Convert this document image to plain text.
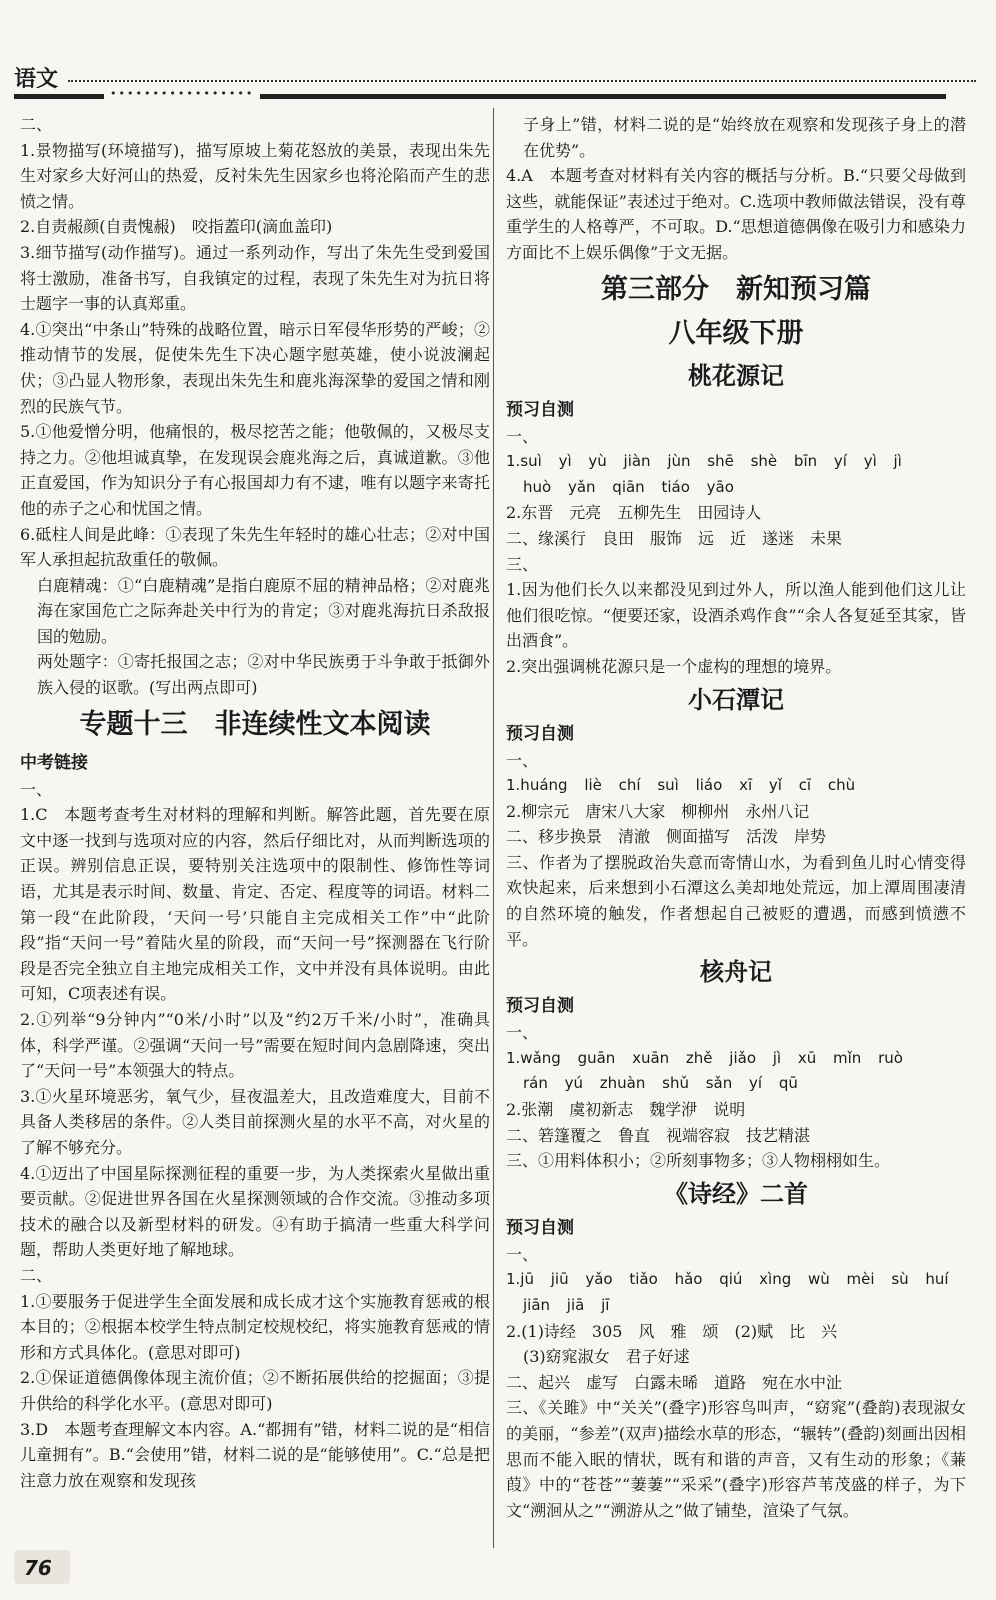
语文
•••••••••••••••••

二、

1.景物描写(环境描写)，描写原坡上菊花怒放的美景，表现出朱先生对家乡大好河山的热爱，反衬朱先生因家乡也将沦陷而产生的悲愤之情。

2.自责赧颜(自责愧赧)　咬指蓋印(滴血盖印)

3.细节描写(动作描写)。通过一系列动作，写出了朱先生受到爱国将士激励，准备书写，自我镇定的过程，表现了朱先生对为抗日将士题字一事的认真郑重。

4.①突出“中条山”特殊的战略位置，暗示日军侵华形势的严峻；②推动情节的发展，促使朱先生下决心题字慰英雄，使小说波澜起伏；③凸显人物形象，表现出朱先生和鹿兆海深挚的爱国之情和刚烈的民族气节。

5.①他爱憎分明，他痛恨的，极尽挖苦之能；他敬佩的，又极尽支持之力。②他坦诚真挚，在发现误会鹿兆海之后，真诚道歉。③他正直爱国，作为知识分子有心报国却力有不逮，唯有以题字来寄托他的赤子之心和忧国之情。

6.砥柱人间是此峰：①表现了朱先生年轻时的雄心壮志；②对中国军人承担起抗敌重任的敬佩。

白鹿精魂：①“白鹿精魂”是指白鹿原不屈的精神品格；②对鹿兆海在家国危亡之际奔赴关中行为的肯定；③对鹿兆海抗日杀敌报国的勉励。

两处题字：①寄托报国之志；②对中华民族勇于斗争敢于抵御外族入侵的讴歌。(写出两点即可)

专题十三　非连续性文本阅读

中考链接

一、

1.C　本题考查考生对材料的理解和判断。解答此题，首先要在原文中逐一找到与选项对应的内容，然后仔细比对，从而判断选项的正误。辨别信息正误，要特别关注选项中的限制性、修饰性等词语，尤其是表示时间、数量、肯定、否定、程度等的词语。材料二第一段“在此阶段，‘天问一号’只能自主完成相关工作”中“此阶段”指“天问一号”着陆火星的阶段，而“天问一号”探测器在飞行阶段是否完全独立自主地完成相关工作，文中并没有具体说明。由此可知，C项表述有误。

2.①列举“9分钟内”“0米/小时”以及“约2万千米/小时”，准确具体，科学严谨。②强调“天问一号”需要在短时间内急剧降速，突出了“天问一号”本领强大的特点。

3.①火星环境恶劣，氧气少，昼夜温差大，且改造难度大，目前不具备人类移居的条件。②人类目前探测火星的水平不高，对火星的了解不够充分。

4.①迈出了中国星际探测征程的重要一步，为人类探索火星做出重要贡献。②促进世界各国在火星探测领域的合作交流。③推动多项技术的融合以及新型材料的研发。④有助于搞清一些重大科学问题，帮助人类更好地了解地球。

二、

1.①要服务于促进学生全面发展和成长成才这个实施教育惩戒的根本目的；②根据本校学生特点制定校规校纪，将实施教育惩戒的情形和方式具体化。(意思对即可)

2.①保证道德偶像体现主流价值；②不断拓展供给的挖掘面；③提升供给的科学化水平。(意思对即可)

3.D　本题考查理解文本内容。A.“都拥有”错，材料二说的是“相信儿童拥有”。B.“会使用”错，材料二说的是“能够使用”。C.“总是把注意力放在观察和发现孩

子身上”错，材料二说的是“始终放在观察和发现孩子身上的潜在优势”。

4.A　本题考查对材料有关内容的概括与分析。B.“只要父母做到这些，就能保证”表述过于绝对。C.选项中教师做法错误，没有尊重学生的人格尊严，不可取。D.“思想道德偶像在吸引力和感染力方面比不上娱乐偶像”于文无据。

第三部分　新知预习篇
八年级下册
桃花源记

预习自测

一、

1.suì yì yù jiàn jùn shē shè bīn yí yì jì

huò yǎn qiān tiáo yāo

2.东晋　元亮　五柳先生　田园诗人

二、缘溪行　良田　服饰　远　近　遂迷　未果

三、

1.因为他们长久以来都没见到过外人，所以渔人能到他们这儿让他们很吃惊。“便要还家，设酒杀鸡作食”“余人各复延至其家，皆出酒食”。

2.突出强调桃花源只是一个虚构的理想的境界。

小石潭记

预习自测

一、

1.huáng liè chí suì liáo xī yǐ cī chù

2.柳宗元　唐宋八大家　柳柳州　永州八记

二、移步换景　清澈　侧面描写　活泼　岸势

三、作者为了摆脱政治失意而寄情山水，为看到鱼儿时心情变得欢快起来，后来想到小石潭这么美却地处荒远，加上潭周围凄清的自然环境的触发，作者想起自己被贬的遭遇，而感到愤懑不平。

核舟记

预习自测

一、

1.wǎng guān xuān zhě jiǎo jì xū mǐn ruò

rán yú zhuàn shǔ sǎn yí qū

2.张潮　虞初新志　魏学洢　说明

二、箬篷覆之　鲁直　视端容寂　技艺精湛

三、①用料体积小；②所刻事物多；③人物栩栩如生。

《诗经》二首

预习自测

一、

1.jū jiū yǎo tiǎo hǎo qiú xìng wù mèi sù huí

jiān jiā jī

2.(1)诗经　305　风　雅　颂　(2)赋　比　兴

(3)窈窕淑女　君子好逑

二、起兴　虚写　白露未晞　道路　宛在水中沚

三、《关雎》中“关关”(叠字)形容鸟叫声，“窈窕”(叠韵)表现淑女的美丽，“参差”(双声)描绘水草的形态，“辗转”(叠韵)刻画出因相思而不能入眠的情状，既有和谐的声音，又有生动的形象；《蒹葭》中的“苍苍”“萋萋”“采采”(叠字)形容芦苇茂盛的样子，为下文“溯洄从之”“溯游从之”做了铺垫，渲染了气氛。

76
